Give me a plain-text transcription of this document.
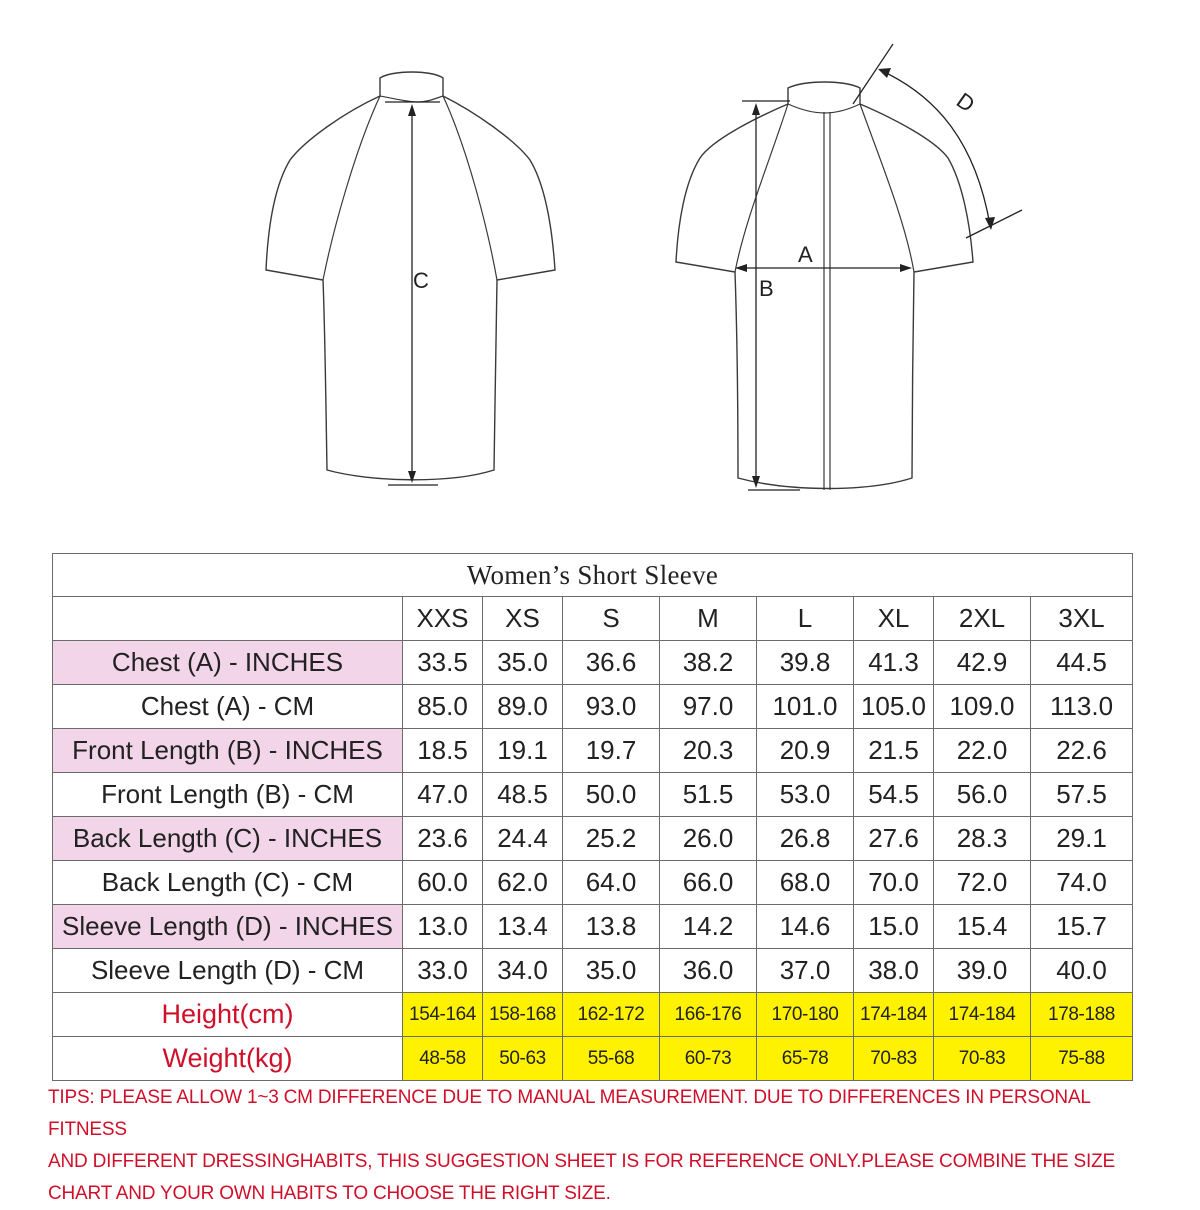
C
A
B
D
Women’s Short Sleeve								
	XXS	XS	S	M	L	XL	2XL	3XL
Chest (A) - INCHES	33.5	35.0	36.6	38.2	39.8	41.3	42.9	44.5
Chest (A) - CM	85.0	89.0	93.0	97.0	101.0	105.0	109.0	113.0
Front Length (B) - INCHES	18.5	19.1	19.7	20.3	20.9	21.5	22.0	22.6
Front Length (B) - CM	47.0	48.5	50.0	51.5	53.0	54.5	56.0	57.5
Back Length (C) - INCHES	23.6	24.4	25.2	26.0	26.8	27.6	28.3	29.1
Back Length (C) - CM	60.0	62.0	64.0	66.0	68.0	70.0	72.0	74.0
Sleeve Length (D) - INCHES	13.0	13.4	13.8	14.2	14.6	15.0	15.4	15.7
Sleeve Length (D) - CM	33.0	34.0	35.0	36.0	37.0	38.0	39.0	40.0
Height(cm)	154-164	158-168	162-172	166-176	170-180	174-184	174-184	178-188
Weight(kg)	48-58	50-63	55-68	60-73	65-78	70-83	70-83	75-88
TIPS: PLEASE ALLOW 1~3 CM DIFFERENCE DUE TO MANUAL MEASUREMENT. DUE TO DIFFERENCES IN PERSONAL FITNESS
AND DIFFERENT DRESSINGHABITS, THIS SUGGESTION SHEET IS FOR REFERENCE ONLY.PLEASE COMBINE THE SIZE
CHART AND YOUR OWN HABITS TO CHOOSE THE RIGHT SIZE.
